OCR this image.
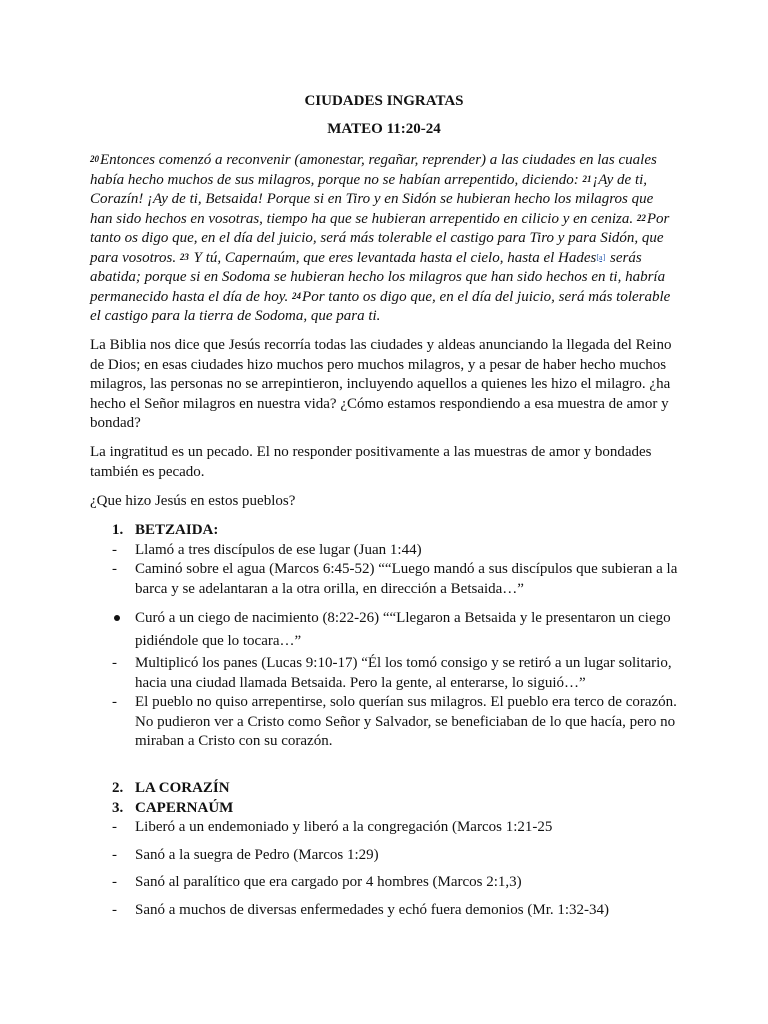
CIUDADES INGRATAS

MATEO 11:20-24

$^{20}$Entonces comenzó a reconvenir (amonestar, regañar, reprender) a las ciudades en las cuales había hecho muchos de sus milagros, porque no se habían arrepentido, diciendo: $^{21}$¡Ay de ti, Corazín! ¡Ay de ti, Betsaida! Porque si en Tiro y en Sidón se hubieran hecho los milagros que han sido hechos en vosotras, tiempo ha que se hubieran arrepentido en cilicio y en ceniza. $^{22}$Por tanto os digo que, en el día del juicio, será más tolerable el castigo para Tiro y para Sidón, que para vosotros. $^{23}$ Y tú, Capernaúm, que eres levantada hasta el cielo, hasta el Hades[a] serás abatida; porque si en Sodoma se hubieran hecho los milagros que han sido hechos en ti, habría permanecido hasta el día de hoy. $^{24}$Por tanto os digo que, en el día del juicio, será más tolerable el castigo para la tierra de Sodoma, que para ti.

La Biblia nos dice que Jesús recorría todas las ciudades y aldeas anunciando la llegada del Reino de Dios; en esas ciudades hizo muchos pero muchos milagros, y a pesar de haber hecho muchos milagros, las personas no se arrepintieron, incluyendo aquellos a quienes les hizo el milagro. ¿ha hecho el Señor milagros en nuestra vida? ¿Cómo estamos respondiendo a esa muestra de amor y bondad?

La ingratitud es un pecado. El no responder positivamente a las muestras de amor y bondades también es pecado.

¿Que hizo Jesús en estos pueblos?

1. BETZAIDA:
- Llamó a tres discípulos de ese lugar (Juan 1:44)
- Caminó sobre el agua (Marcos 6:45-52) ““Luego mandó a sus discípulos que subieran a la barca y se adelantaran a la otra orilla, en dirección a Betsaida…”
Curó a un ciego de nacimiento (8:22-26) ““Llegaron a Betsaida y le presentaron un ciego pidiéndole que lo tocara…”
- Multiplicó los panes (Lucas 9:10-17) “Él los tomó consigo y se retiró a un lugar solitario, hacia una ciudad llamada Betsaida. Pero la gente, al enterarse, lo siguió…”
- El pueblo no quiso arrepentirse, solo querían sus milagros. El pueblo era terco de corazón. No pudieron ver a Cristo como Señor y Salvador, se beneficiaban de lo que hacía, pero no miraban a Cristo con su corazón.
2. LA CORAZÍN
3. CAPERNAÚM
- Liberó a un endemoniado y liberó a la congregación (Marcos 1:21-25
- Sanó a la suegra de Pedro (Marcos 1:29)
- Sanó al paralítico que era cargado por 4 hombres (Marcos 2:1,3)
- Sanó a muchos de diversas enfermedades y echó fuera demonios (Mr. 1:32-34)
